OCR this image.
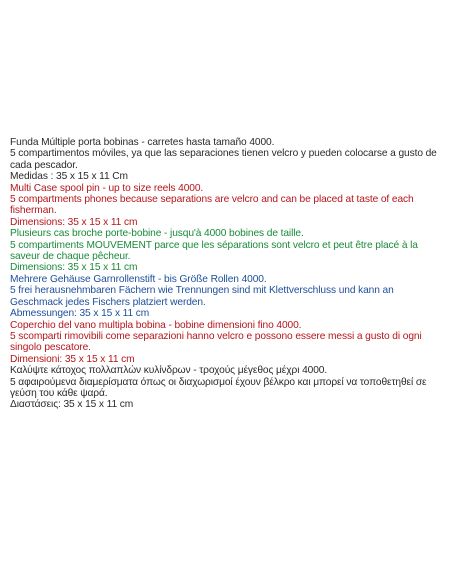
Funda Múltiple porta bobinas - carretes hasta tamaño 4000.

5 compartimentos móviles, ya que las separaciones tienen velcro y pueden colocarse a gusto de cada pescador.

Medidas : 35 x 15 x 11 Cm

Multi Case spool pin - up to size reels 4000.

5 compartments phones because separations are velcro and can be placed at taste of each fisherman.

Dimensions: 35 x 15 x 11 cm

Plusieurs cas broche porte-bobine - jusqu'à 4000 bobines de taille.

5 compartiments MOUVEMENT parce que les séparations sont velcro et peut être placé à la saveur de chaque pêcheur.

Dimensions: 35 x 15 x 11 cm

Mehrere Gehäuse Garnrollenstift - bis Größe Rollen 4000.

5 frei herausnehmbaren Fächern wie Trennungen sind mit Klettverschluss und kann an Geschmack jedes Fischers platziert werden.

Abmessungen: 35 x 15 x 11 cm

Coperchio del vano multipla bobina - bobine dimensioni fino 4000.

5 scomparti rimovibili come separazioni hanno velcro e possono essere messi a gusto di ogni singolo pescatore.

Dimensioni: 35 x 15 x 11 cm

Καλύψτε κάτοχος πολλαπλών κυλίνδρων - τροχούς μέγεθος μέχρι 4000.

5 αφαιρούμενα διαμερίσματα όπως οι διαχωρισμοί έχουν βέλκρο και μπορεί να τοποθετηθεί σε γεύση του κάθε ψαρά.

Διαστάσεις: 35 x 15 x 11 cm
